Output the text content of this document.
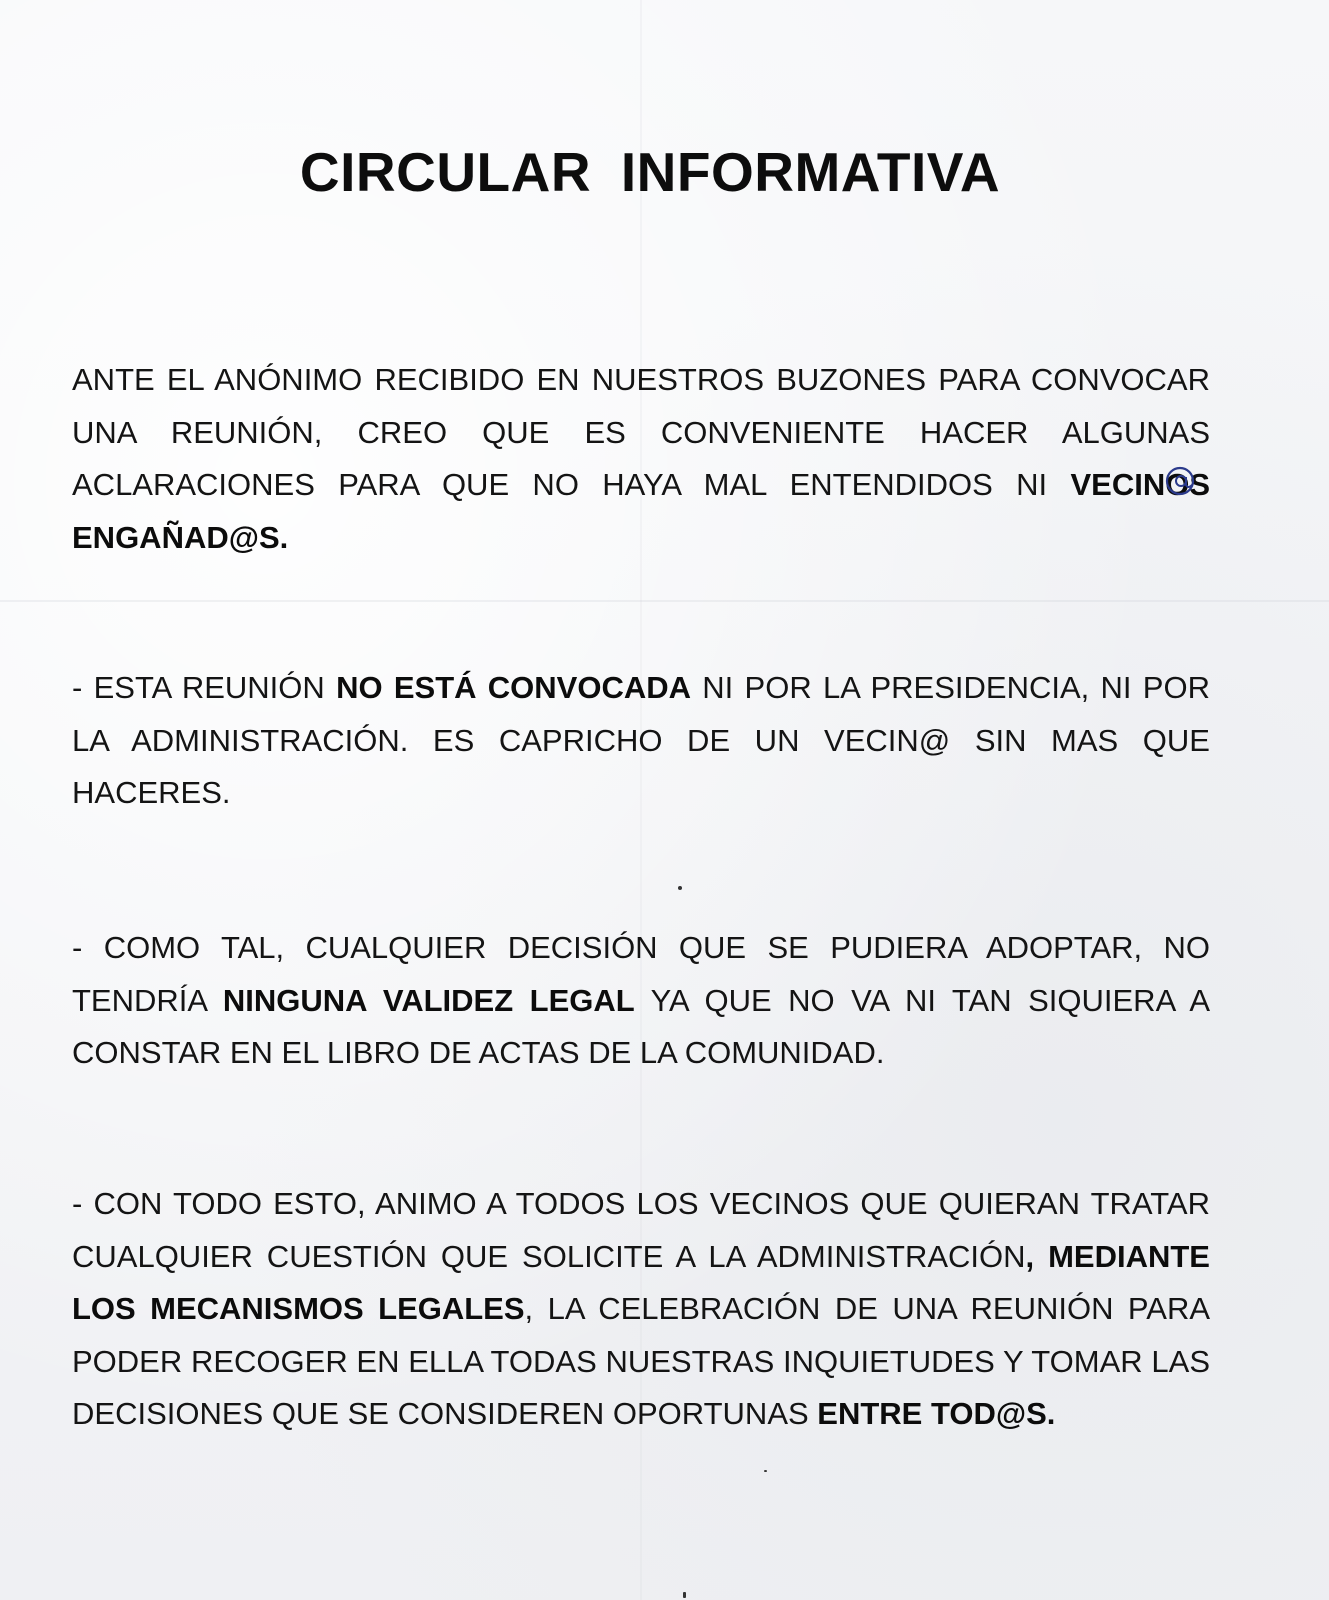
CIRCULAR INFORMATIVA
ANTE EL ANÓNIMO RECIBIDO EN NUESTROS BUZONES PARA CONVOCAR UNA REUNIÓN, CREO QUE ES CONVENIENTE HACER ALGUNAS ACLARACIONES PARA QUE NO HAYA MAL ENTENDIDOS NI VECINOS ENGAÑAD@S.
- ESTA REUNIÓN NO ESTÁ CONVOCADA NI POR LA PRESIDENCIA, NI POR LA ADMINISTRACIÓN. ES CAPRICHO DE UN VECIN@ SIN MAS QUE HACERES.
- COMO TAL, CUALQUIER DECISIÓN QUE SE PUDIERA ADOPTAR, NO TENDRÍA NINGUNA VALIDEZ LEGAL YA QUE NO VA NI TAN SIQUIERA A CONSTAR EN EL LIBRO DE ACTAS DE LA COMUNIDAD.
- CON TODO ESTO, ANIMO A TODOS LOS VECINOS QUE QUIERAN TRATAR CUALQUIER CUESTIÓN QUE SOLICITE A LA ADMINISTRACIÓN, MEDIANTE LOS MECANISMOS LEGALES, LA CELEBRACIÓN DE UNA REUNIÓN PARA PODER RECOGER EN ELLA TODAS NUESTRAS INQUIETUDES Y TOMAR LAS DECISIONES QUE SE CONSIDEREN OPORTUNAS ENTRE TOD@S.
